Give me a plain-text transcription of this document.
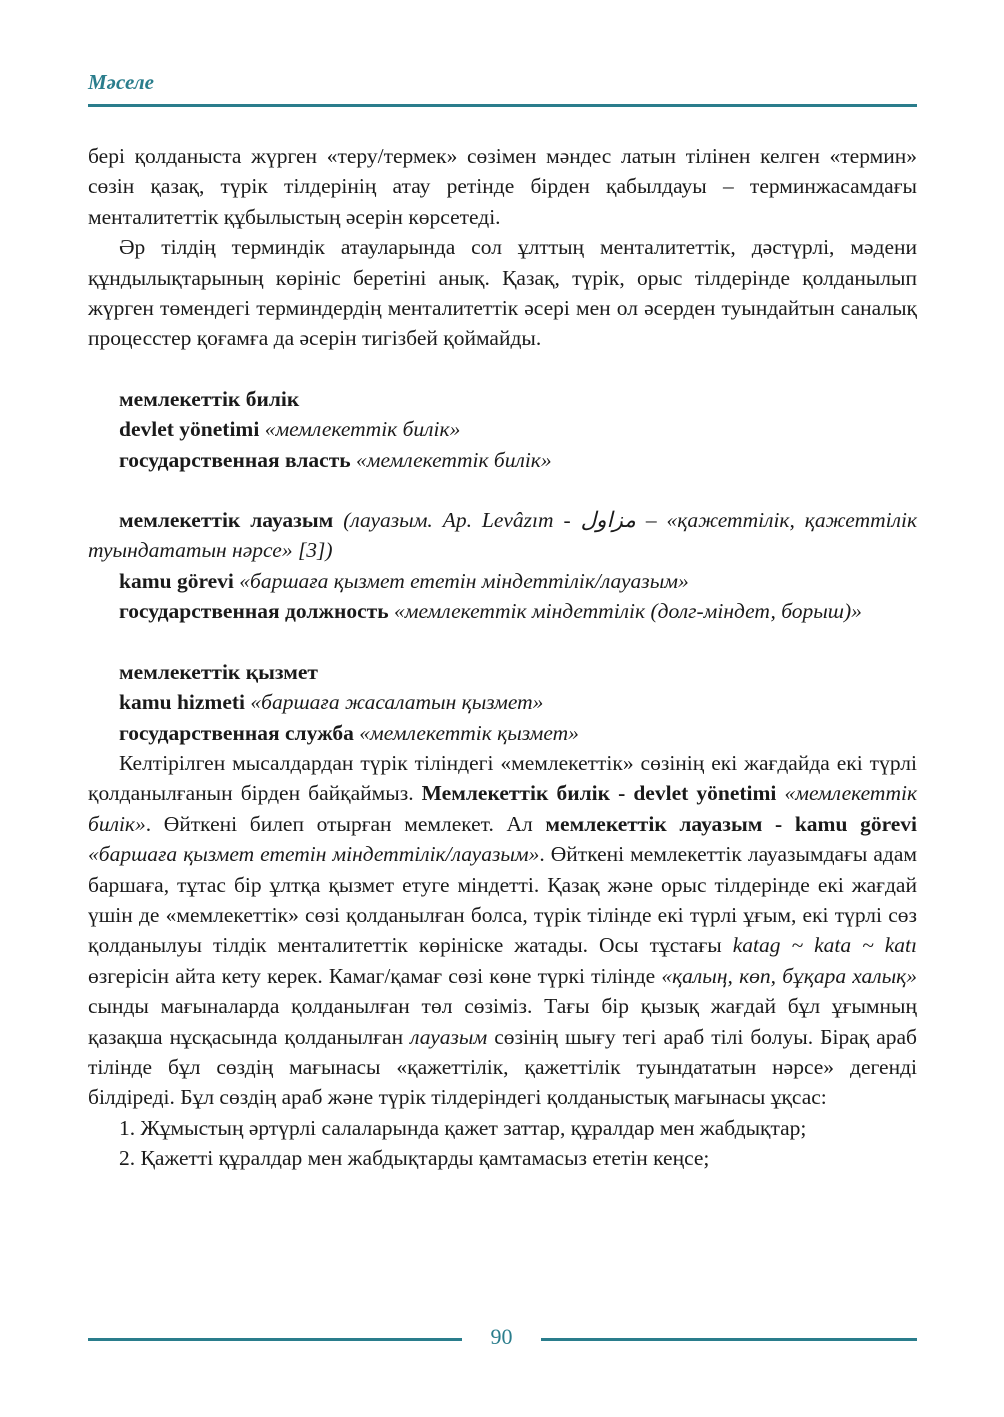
Мәселе

бері қолданыста жүрген «теру/термек» сөзімен мәндес латын тілінен келген «термин» сөзін қазақ, түрік тілдерінің атау ретінде бірден қабылдауы – терминжасамдағы менталитеттік құбылыстың әсерін көрсетеді.

Әр тілдің терминдік атауларында сол ұлттың менталитеттік, дәстүрлі, мәдени құндылықтарының көрініс беретіні анық. Қазақ, түрік, орыс тілдерінде қолданылып жүрген төмендегі терминдердің менталитеттік әсері мен ол әсерден туындайтын саналық процесстер қоғамға да әсерін тигізбей қоймайды.

мемлекеттік билік

devlet yönetimi «мемлекеттік билік»

государственная власть «мемлекеттік билік»

мемлекеттік лауазым (лауазым. Ар. Levâzım - مزاول – «қажеттілік, қажеттілік туындататын нәрсе» [3])

kamu görevi «баршаға қызмет ететін міндеттілік/лауазым»

государственная должность «мемлекеттік міндеттілік (долг-міндет, борыш)»

мемлекеттік қызмет

kamu hizmeti «баршаға жасалатын қызмет»

государственная служба «мемлекеттік қызмет»

Келтірілген мысалдардан түрік тіліндегі «мемлекеттік» сөзінің екі жағдайда екі түрлі қолданылғанын бірден байқаймыз. Мемлекеттік билік - devlet yönetimi «мемлекеттік билік». Өйткені билеп отырған мемлекет. Ал мемлекеттік лауазым - kamu görevi «баршаға қызмет ететін міндеттілік/лауазым». Өйткені мемлекеттік лауазымдағы адам баршаға, тұтас бір ұлтқа қызмет етуге міндетті. Қазақ және орыс тілдерінде екі жағдай үшін де «мемлекеттік» сөзі қолданылған болса, түрік тілінде екі түрлі ұғым, екі түрлі сөз қолданылуы тілдік менталитеттік көрініске жатады. Осы тұстағы katag ~ kata ~ katı өзгерісін айта кету керек. Камаг/қамағ сөзі көне түркі тілінде «қалың, көп, бұқара халық» сынды мағыналарда қолданылған төл сөзіміз. Тағы бір қызық жағдай бұл ұғымның қазақша нұсқасында қолданылған лауазым сөзінің шығу тегі араб тілі болуы. Бірақ араб тілінде бұл сөздің мағынасы «қажеттілік, қажеттілік туындататын нәрсе» дегенді білдіреді. Бұл сөздің араб және түрік тілдеріндегі қолданыстық мағынасы ұқсас:

1. Жұмыстың әртүрлі салаларында қажет заттар, құралдар мен жабдықтар;

2. Қажетті құралдар мен жабдықтарды қамтамасыз ететін кеңсе;

90
